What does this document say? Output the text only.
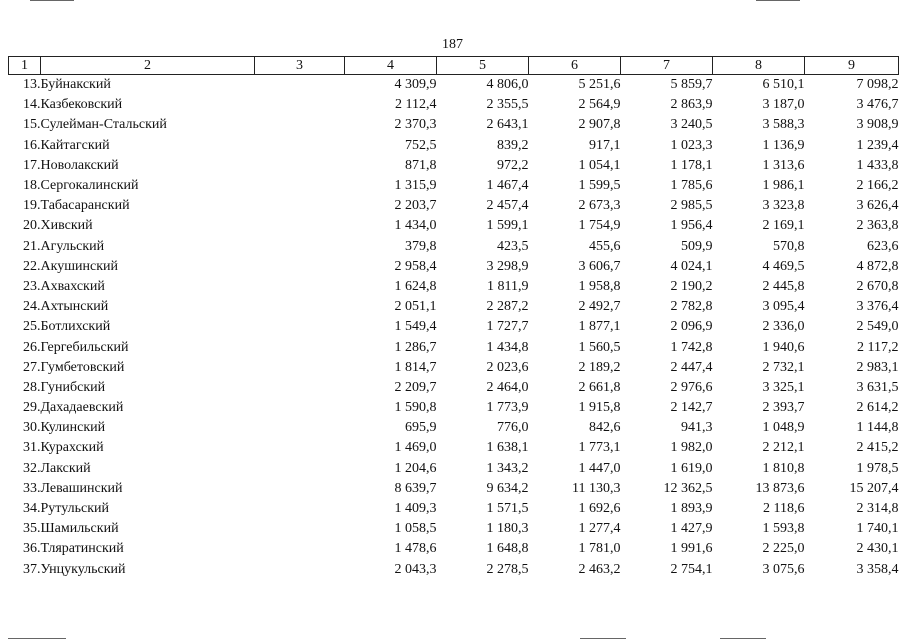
187
1	2	3	4	5	6	7	8	9
13.	Буйнакский		4 309,9	4 806,0	5 251,6	5 859,7	6 510,1	7 098,2
14.	Казбековский		2 112,4	2 355,5	2 564,9	2 863,9	3 187,0	3 476,7
15.	Сулейман-Стальский		2 370,3	2 643,1	2 907,8	3 240,5	3 588,3	3 908,9
16.	Кайтагский		752,5	839,2	917,1	1 023,3	1 136,9	1 239,4
17.	Новолакский		871,8	972,2	1 054,1	1 178,1	1 313,6	1 433,8
18.	Сергокалинский		1 315,9	1 467,4	1 599,5	1 785,6	1 986,1	2 166,2
19.	Табасаранский		2 203,7	2 457,4	2 673,3	2 985,5	3 323,8	3 626,4
20.	Хивский		1 434,0	1 599,1	1 754,9	1 956,4	2 169,1	2 363,8
21.	Агульский		379,8	423,5	455,6	509,9	570,8	623,6
22.	Акушинский		2 958,4	3 298,9	3 606,7	4 024,1	4 469,5	4 872,8
23.	Ахвахский		1 624,8	1 811,9	1 958,8	2 190,2	2 445,8	2 670,8
24.	Ахтынский		2 051,1	2 287,2	2 492,7	2 782,8	3 095,4	3 376,4
25.	Ботлихский		1 549,4	1 727,7	1 877,1	2 096,9	2 336,0	2 549,0
26.	Гергебильский		1 286,7	1 434,8	1 560,5	1 742,8	1 940,6	2 117,2
27.	Гумбетовский		1 814,7	2 023,6	2 189,2	2 447,4	2 732,1	2 983,1
28.	Гунибский		2 209,7	2 464,0	2 661,8	2 976,6	3 325,1	3 631,5
29.	Дахадаевский		1 590,8	1 773,9	1 915,8	2 142,7	2 393,7	2 614,2
30.	Кулинский		695,9	776,0	842,6	941,3	1 048,9	1 144,8
31.	Курахский		1 469,0	1 638,1	1 773,1	1 982,0	2 212,1	2 415,2
32.	Лакский		1 204,6	1 343,2	1 447,0	1 619,0	1 810,8	1 978,5
33.	Левашинский		8 639,7	9 634,2	11 130,3	12 362,5	13 873,6	15 207,4
34.	Рутульский		1 409,3	1 571,5	1 692,6	1 893,9	2 118,6	2 314,8
35.	Шамильский		1 058,5	1 180,3	1 277,4	1 427,9	1 593,8	1 740,1
36.	Тляратинский		1 478,6	1 648,8	1 781,0	1 991,6	2 225,0	2 430,1
37.	Унцукульский		2 043,3	2 278,5	2 463,2	2 754,1	3 075,6	3 358,4
